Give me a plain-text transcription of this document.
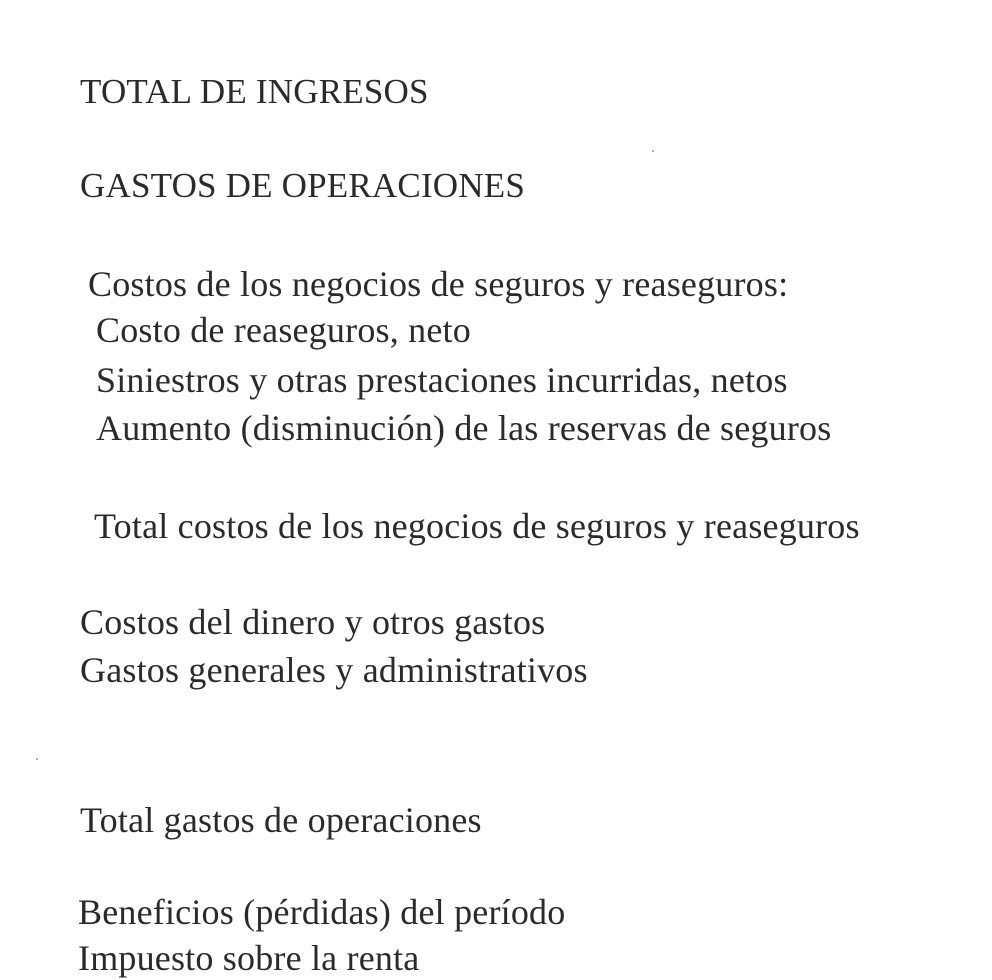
TOTAL DE INGRESOS
GASTOS DE OPERACIONES
Costos de los negocios de seguros y reaseguros:
Costo de reaseguros, neto
Siniestros y otras prestaciones incurridas, netos
Aumento (disminución) de las reservas de seguros
Total costos de los negocios de seguros y reaseguros
Costos del dinero y otros gastos
Gastos generales y administrativos
Total gastos de operaciones
Beneficios (pérdidas) del período
Impuesto sobre la renta
